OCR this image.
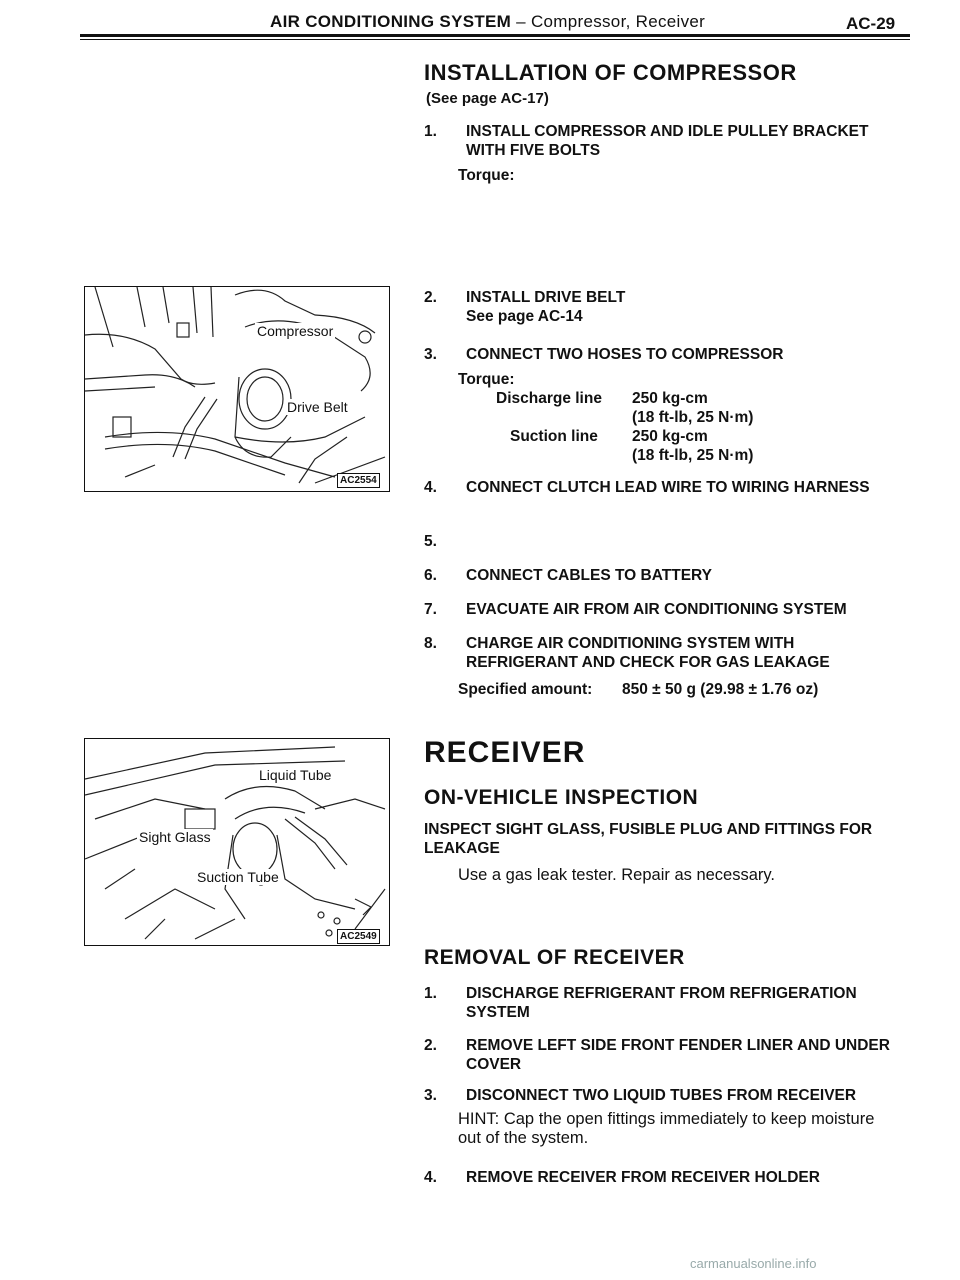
AIR CONDITIONING SYSTEM – Compressor, Receiver	AC-29
INSTALLATION OF COMPRESSOR
(See page AC-17)
1. INSTALL COMPRESSOR AND IDLE PULLEY BRACKET WITH FIVE BOLTS
Torque:
2. INSTALL DRIVE BELT
See page AC-14
3. CONNECT TWO HOSES TO COMPRESSOR
Torque:
Discharge line 250 kg-cm
(18 ft-lb, 25 N·m)
Suction line 250 kg-cm
(18 ft-lb, 25 N·m)
4. CONNECT CLUTCH LEAD WIRE TO WIRING HARNESS
5.
6. CONNECT CABLES TO BATTERY
7. EVACUATE AIR FROM AIR CONDITIONING SYSTEM
8. CHARGE AIR CONDITIONING SYSTEM WITH REFRIGERANT AND CHECK FOR GAS LEAKAGE
Specified amount: 850 ± 50 g (29.98 ± 1.76 oz)
Compressor
Drive Belt
AC2554
RECEIVER
ON-VEHICLE INSPECTION
INSPECT SIGHT GLASS, FUSIBLE PLUG AND FITTINGS FOR LEAKAGE
Use a gas leak tester. Repair as necessary.
Liquid Tube
Sight Glass
Suction Tube
AC2549
REMOVAL OF RECEIVER
1. DISCHARGE REFRIGERANT FROM REFRIGERATION SYSTEM
2. REMOVE LEFT SIDE FRONT FENDER LINER AND UNDER COVER
3. DISCONNECT TWO LIQUID TUBES FROM RECEIVER
HINT: Cap the open fittings immediately to keep moisture out of the system.
4. REMOVE RECEIVER FROM RECEIVER HOLDER
carmanualsonline.info
